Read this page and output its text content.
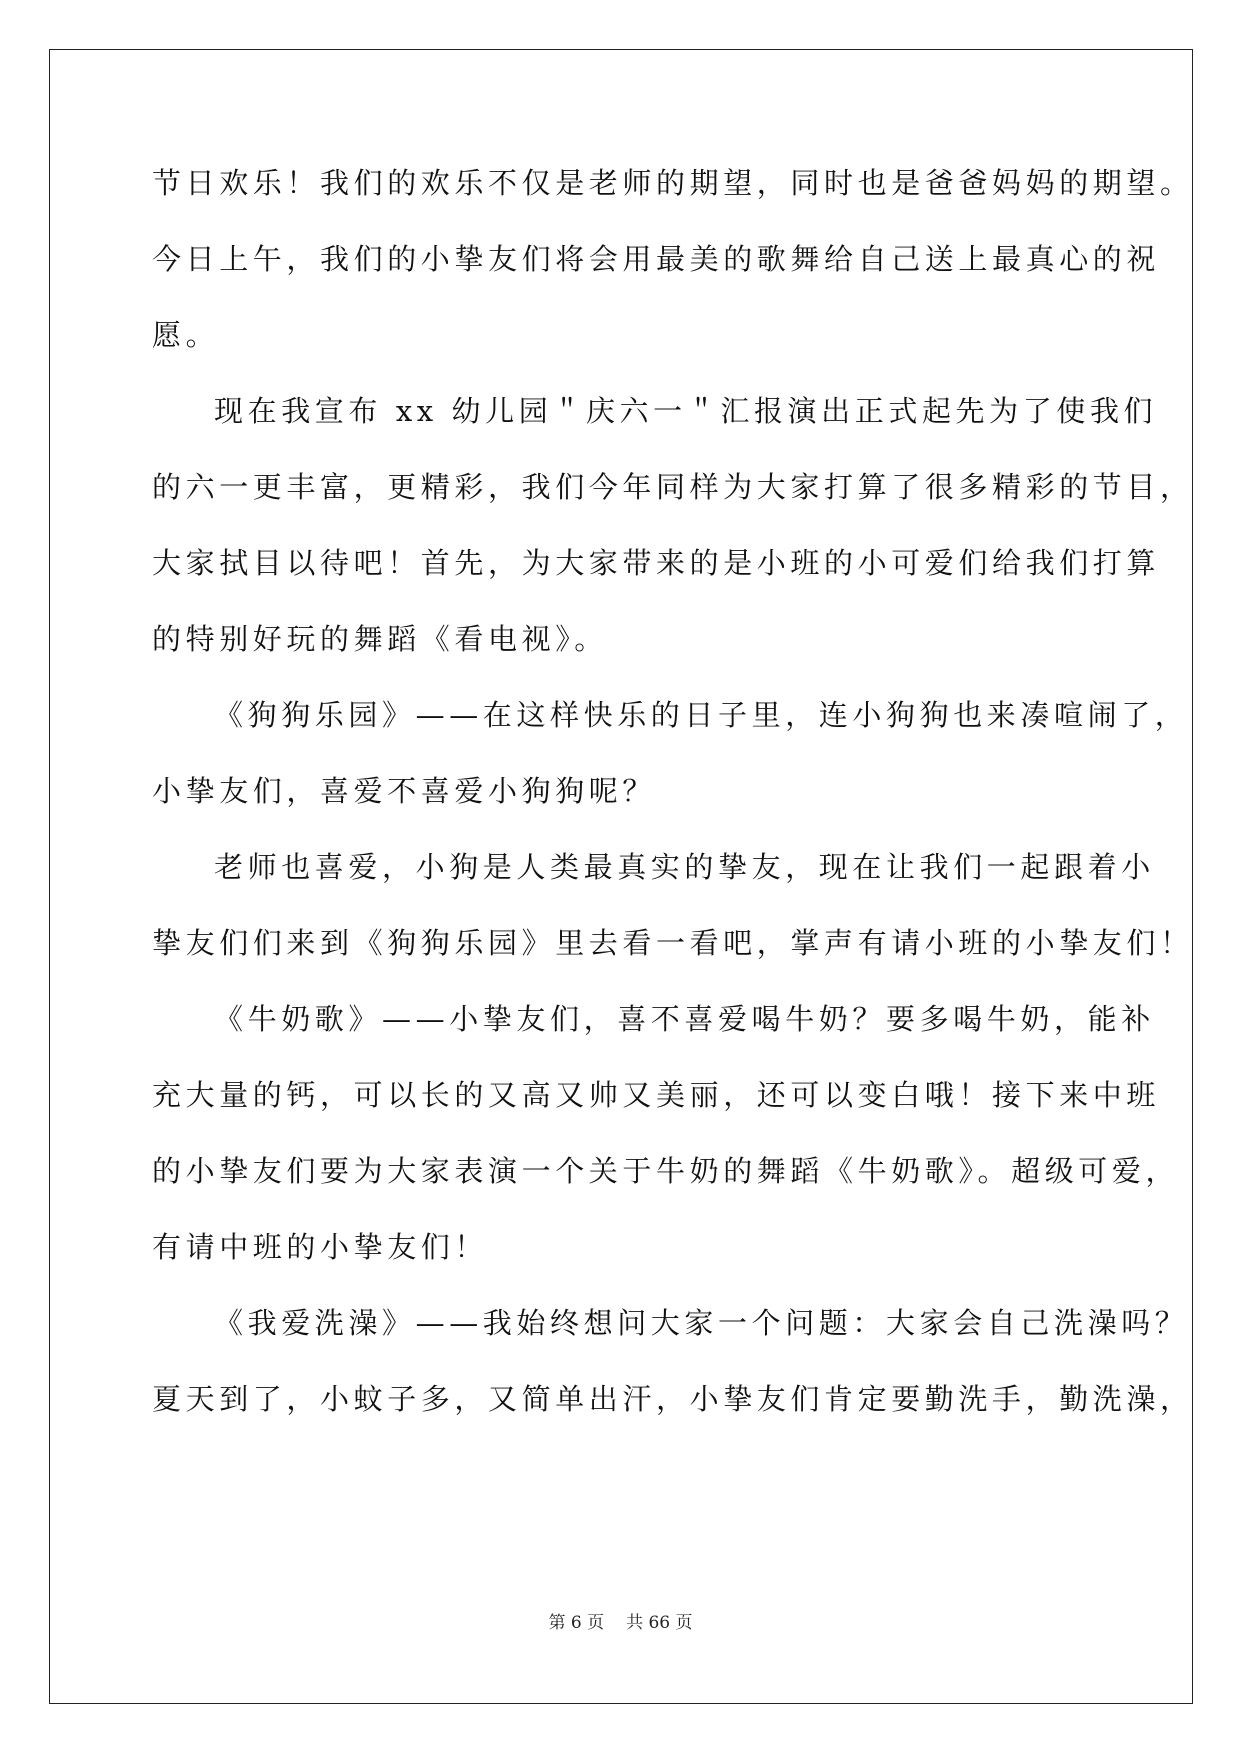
节日欢乐！我们的欢乐不仅是老师的期望，同时也是爸爸妈妈的期望。
今日上午，我们的小挚友们将会用最美的歌舞给自己送上最真心的祝
愿。
现在我宣布 xx 幼儿园＂庆六一＂汇报演出正式起先为了使我们
的六一更丰富，更精彩，我们今年同样为大家打算了很多精彩的节目，
大家拭目以待吧！首先，为大家带来的是小班的小可爱们给我们打算
的特别好玩的舞蹈《看电视》。
《狗狗乐园》——在这样快乐的日子里，连小狗狗也来凑喧闹了，
小挚友们，喜爱不喜爱小狗狗呢？
老师也喜爱，小狗是人类最真实的挚友，现在让我们一起跟着小
挚友们们来到《狗狗乐园》里去看一看吧，掌声有请小班的小挚友们！
《牛奶歌》——小挚友们，喜不喜爱喝牛奶？要多喝牛奶，能补
充大量的钙，可以长的又高又帅又美丽，还可以变白哦！接下来中班
的小挚友们要为大家表演一个关于牛奶的舞蹈《牛奶歌》。超级可爱，
有请中班的小挚友们！
《我爱洗澡》——我始终想问大家一个问题：大家会自己洗澡吗？
夏天到了，小蚊子多，又简单出汗，小挚友们肯定要勤洗手，勤洗澡，
第 6 页 共 66 页
